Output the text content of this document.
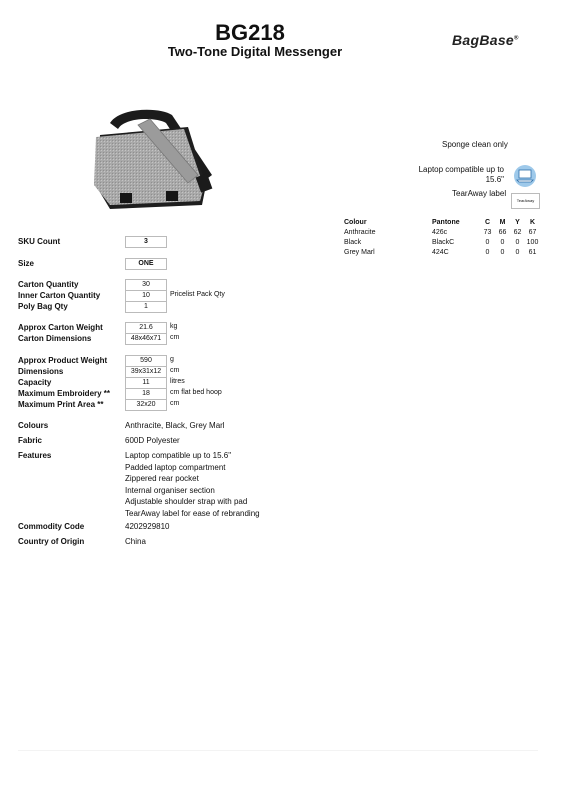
BG218
Two-Tone Digital Messenger
BagBase®
Sponge clean only
Laptop compatible up to 15.6"
TearAway label
TearAway
Colour	Pantone	C	M	Y	K
Anthracite	426c	73	66	62	67
Black	BlackC	0	0	0	100
Grey Marl	424C	0	0	0	61
SKU Count	3
Size	ONE
Carton Quantity	30
Inner Carton Quantity	10	Pricelist Pack Qty
Poly Bag Qty	1
Approx Carton Weight	21.6	kg
Carton Dimensions	48x46x71	cm
Approx Product Weight	590	g
Dimensions	39x31x12	cm
Capacity	11	litres
Maximum Embroidery **	18	cm flat bed hoop
Maximum Print Area **	32x20	cm
Colours	Anthracite, Black, Grey Marl
Fabric	600D Polyester
Features	Laptop compatible up to 15.6"
Padded laptop compartment
Zippered rear pocket
Internal organiser section
Adjustable shoulder strap with pad
TearAway label for ease of rebranding
Commodity Code	4202929810
Country of Origin	China
